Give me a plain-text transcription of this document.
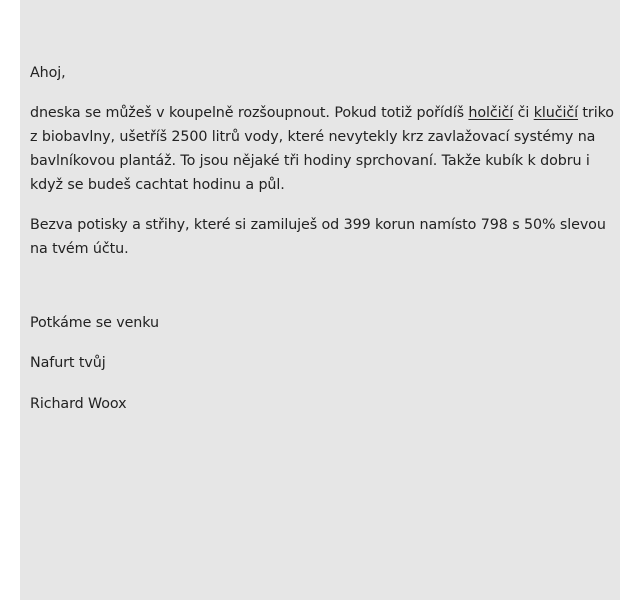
Ahoj,

dneska se můžeš v koupelně rozšoupnout. Pokud totiž pořídíš holčičí či klučičí triko z biobavlny, ušetříš 2500 litrů vody, které nevytekly krz zavlažovací systémy na bavlníkovou plantáž. To jsou nějaké tři hodiny sprchovaní. Takže kubík k dobru i když se budeš cachtat hodinu a půl.

Bezva potisky a střihy, které si zamiluješ od 399 korun namísto 798 s 50% slevou na tvém účtu.

Potkáme se venku

Nafurt tvůj

Richard Woox
